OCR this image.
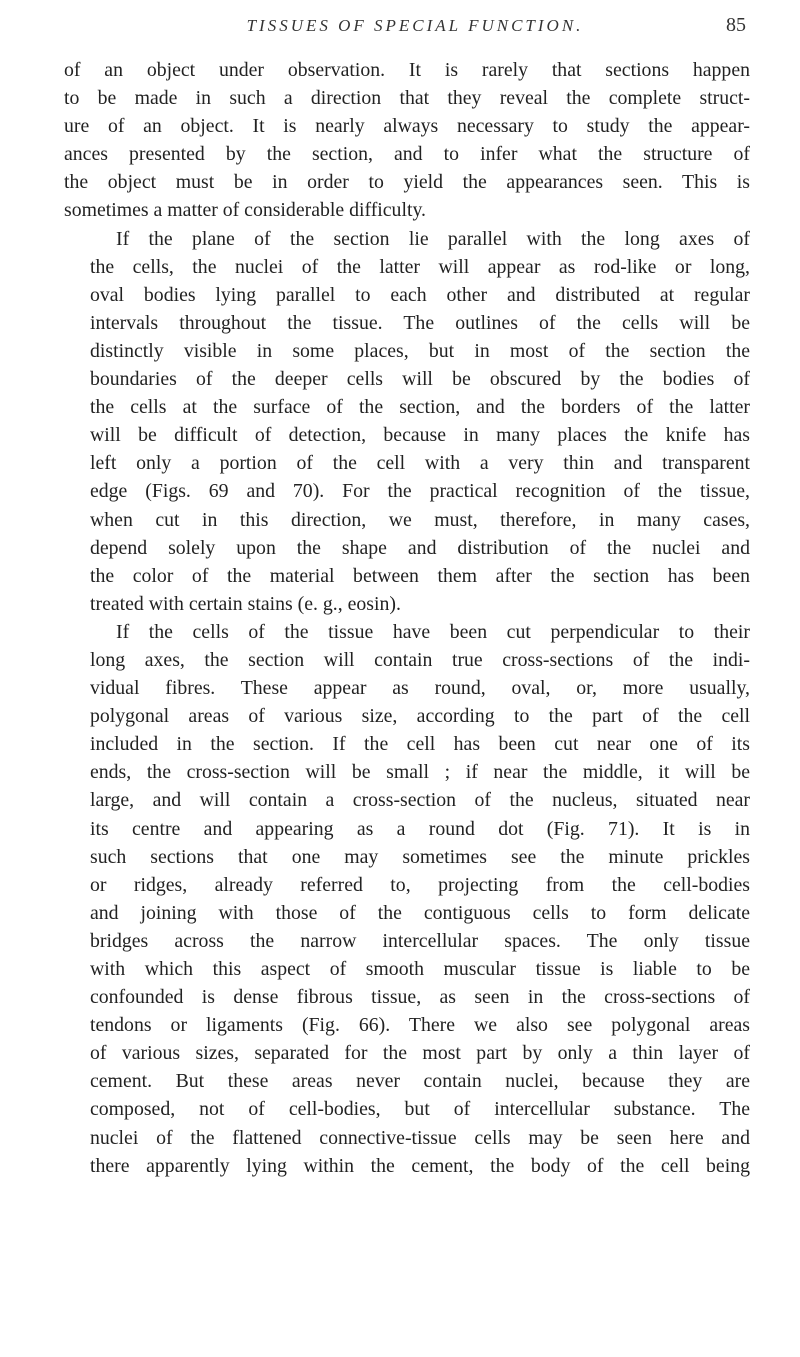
TISSUES OF SPECIAL FUNCTION.	85

of an object under observation. It is rarely that sections happen
to be made in such a direction that they reveal the complete struct-
ure of an object. It is nearly always necessary to study the appear-
ances presented by the section, and to infer what the structure of
the object must be in order to yield the appearances seen. This is
sometimes a matter of considerable difficulty.

If the plane of the section lie parallel with the long axes of
the cells, the nuclei of the latter will appear as rod-like or long,
oval bodies lying parallel to each other and distributed at regular
intervals throughout the tissue. The outlines of the cells will be
distinctly visible in some places, but in most of the section the
boundaries of the deeper cells will be obscured by the bodies of
the cells at the surface of the section, and the borders of the latter
will be difficult of detection, because in many places the knife has
left only a portion of the cell with a very thin and transparent
edge (Figs. 69 and 70). For the practical recognition of the tissue,
when cut in this direction, we must, therefore, in many cases,
depend solely upon the shape and distribution of the nuclei and
the color of the material between them after the section has been
treated with certain stains (e. g., eosin).

If the cells of the tissue have been cut perpendicular to their
long axes, the section will contain true cross-sections of the indi-
vidual fibres. These appear as round, oval, or, more usually,
polygonal areas of various size, according to the part of the cell
included in the section. If the cell has been cut near one of its
ends, the cross-section will be small ; if near the middle, it will be
large, and will contain a cross-section of the nucleus, situated near
its centre and appearing as a round dot (Fig. 71). It is in
such sections that one may sometimes see the minute prickles
or ridges, already referred to, projecting from the cell-bodies
and joining with those of the contiguous cells to form delicate
bridges across the narrow intercellular spaces. The only tissue
with which this aspect of smooth muscular tissue is liable to be
confounded is dense fibrous tissue, as seen in the cross-sections of
tendons or ligaments (Fig. 66). There we also see polygonal areas
of various sizes, separated for the most part by only a thin layer of
cement. But these areas never contain nuclei, because they are
composed, not of cell-bodies, but of intercellular substance. The
nuclei of the flattened connective-tissue cells may be seen here and
there apparently lying within the cement, the body of the cell being
